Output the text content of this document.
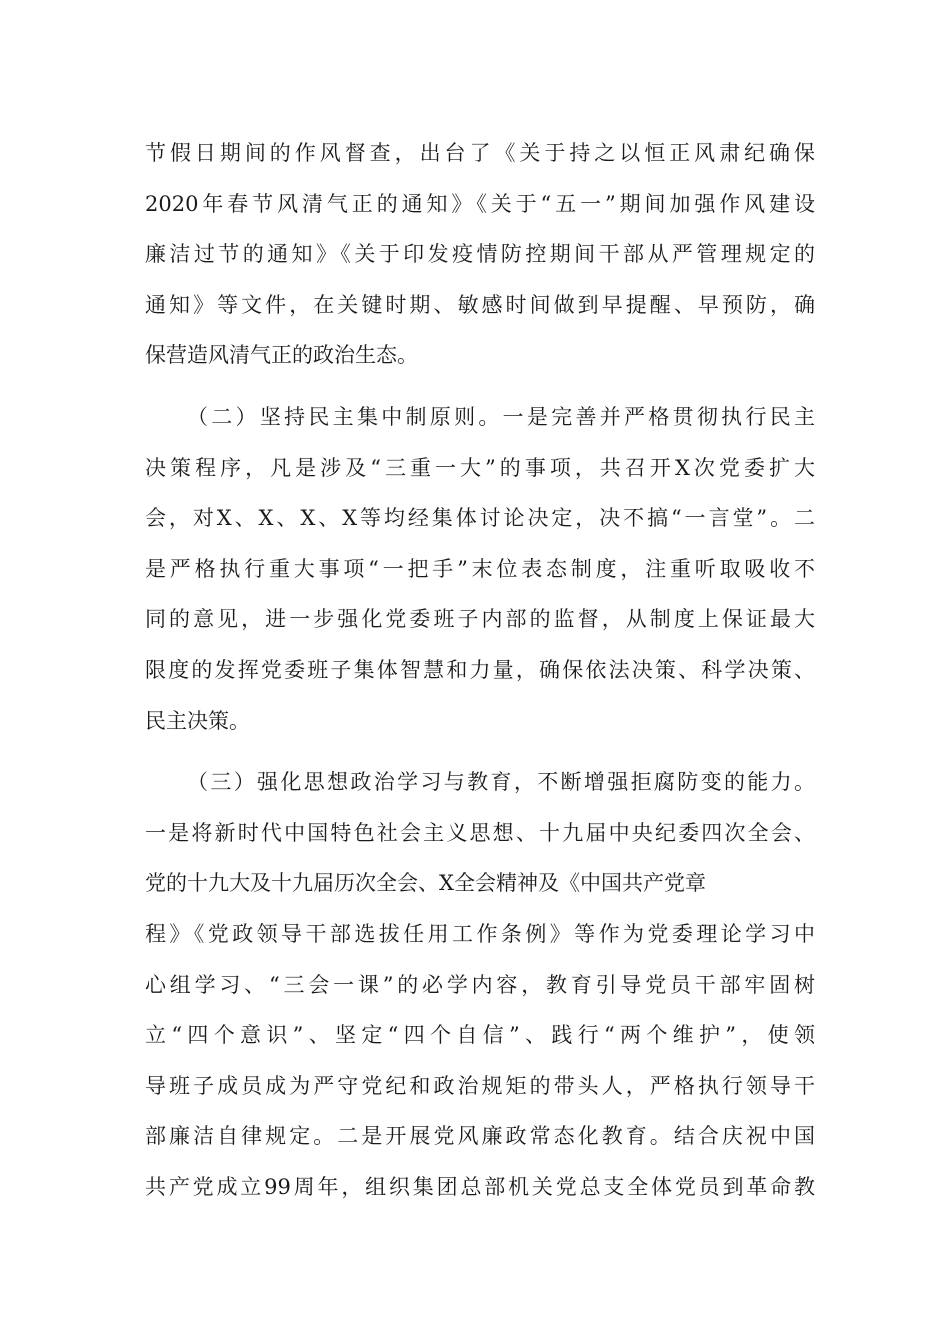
节假日期间的作风督查，出台了《关于持之以恒正风肃纪确保
2020年春节风清气正的通知》《关于“五一”期间加强作风建设
廉洁过节的通知》《关于印发疫情防控期间干部从严管理规定的
通知》等文件，在关键时期、敏感时间做到早提醒、早预防，确
保营造风清气正的政治生态。
（二）坚持民主集中制原则。一是完善并严格贯彻执行民主
决策程序，凡是涉及“三重一大”的事项，共召开X次党委扩大
会，对X、X、X、X等均经集体讨论决定，决不搞“一言堂”。二
是严格执行重大事项“一把手”末位表态制度，注重听取吸收不
同的意见，进一步强化党委班子内部的监督，从制度上保证最大
限度的发挥党委班子集体智慧和力量，确保依法决策、科学决策、
民主决策。
（三）强化思想政治学习与教育，不断增强拒腐防变的能力。
一是将新时代中国特色社会主义思想、十九届中央纪委四次全会、
党的十九大及十九届历次全会、X全会精神及《中国共产党章
程》《党政领导干部选拔任用工作条例》等作为党委理论学习中
心组学习、“三会一课”的必学内容，教育引导党员干部牢固树
立“四个意识”、坚定“四个自信”、践行“两个维护”，使领
导班子成员成为严守党纪和政治规矩的带头人，严格执行领导干
部廉洁自律规定。二是开展党风廉政常态化教育。结合庆祝中国
共产党成立99周年，组织集团总部机关党总支全体党员到革命教
